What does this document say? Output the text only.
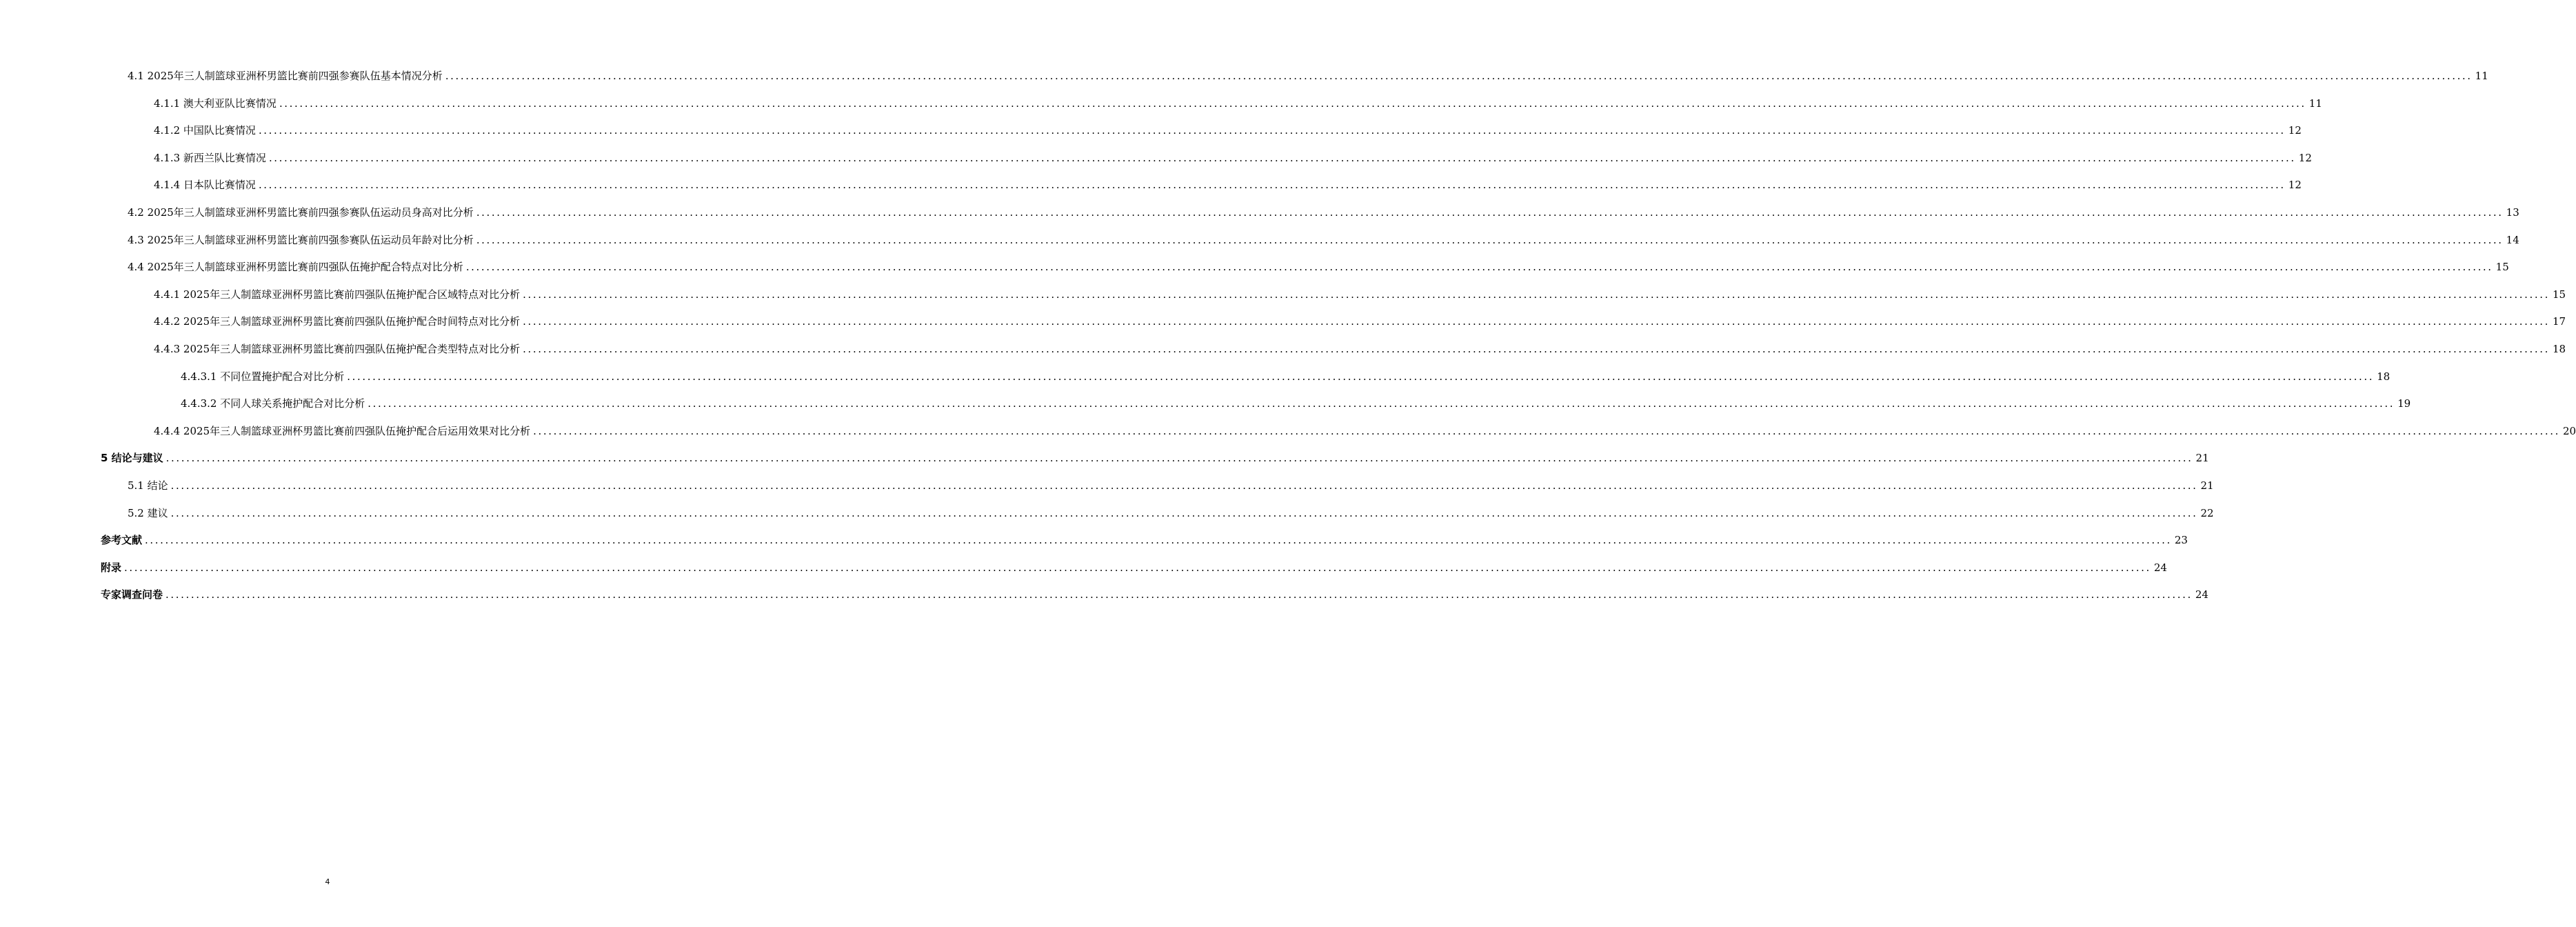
4.1 2025年三人制篮球亚洲杯男篮比赛前四强参赛队伍基本情况分析 ............................................................................................................................................................................................................................................................................................................................................................................................................... 11
4.1.1 澳大利亚队比赛情况 ............................................................................................................................................................................................................................................................................................................................................................................................................... 11
4.1.2 中国队比赛情况 ............................................................................................................................................................................................................................................................................................................................................................................................................... 12
4.1.3 新西兰队比赛情况 ............................................................................................................................................................................................................................................................................................................................................................................................................... 12
4.1.4 日本队比赛情况 ............................................................................................................................................................................................................................................................................................................................................................................................................... 12
4.2 2025年三人制篮球亚洲杯男篮比赛前四强参赛队伍运动员身高对比分析 ............................................................................................................................................................................................................................................................................................................................................................................................................... 13
4.3 2025年三人制篮球亚洲杯男篮比赛前四强参赛队伍运动员年龄对比分析 ............................................................................................................................................................................................................................................................................................................................................................................................................... 14
4.4 2025年三人制篮球亚洲杯男篮比赛前四强队伍掩护配合特点对比分析 ............................................................................................................................................................................................................................................................................................................................................................................................................... 15
4.4.1 2025年三人制篮球亚洲杯男篮比赛前四强队伍掩护配合区域特点对比分析 ............................................................................................................................................................................................................................................................................................................................................................................................................... 15
4.4.2 2025年三人制篮球亚洲杯男篮比赛前四强队伍掩护配合时间特点对比分析 ............................................................................................................................................................................................................................................................................................................................................................................................................... 17
4.4.3 2025年三人制篮球亚洲杯男篮比赛前四强队伍掩护配合类型特点对比分析 ............................................................................................................................................................................................................................................................................................................................................................................................................... 18
4.4.3.1 不同位置掩护配合对比分析 ............................................................................................................................................................................................................................................................................................................................................................................................................... 18
4.4.3.2 不同人球关系掩护配合对比分析 ............................................................................................................................................................................................................................................................................................................................................................................................................... 19
4.4.4 2025年三人制篮球亚洲杯男篮比赛前四强队伍掩护配合后运用效果对比分析 ............................................................................................................................................................................................................................................................................................................................................................................................................... 20
5 结论与建议 ............................................................................................................................................................................................................................................................................................................................................................................................................... 21
5.1 结论 ............................................................................................................................................................................................................................................................................................................................................................................................................... 21
5.2 建议 ............................................................................................................................................................................................................................................................................................................................................................................................................... 22
参考文献 ............................................................................................................................................................................................................................................................................................................................................................................................................... 23
附录 ............................................................................................................................................................................................................................................................................................................................................................................................................... 24
专家调查问卷 ............................................................................................................................................................................................................................................................................................................................................................................................................... 24
4
